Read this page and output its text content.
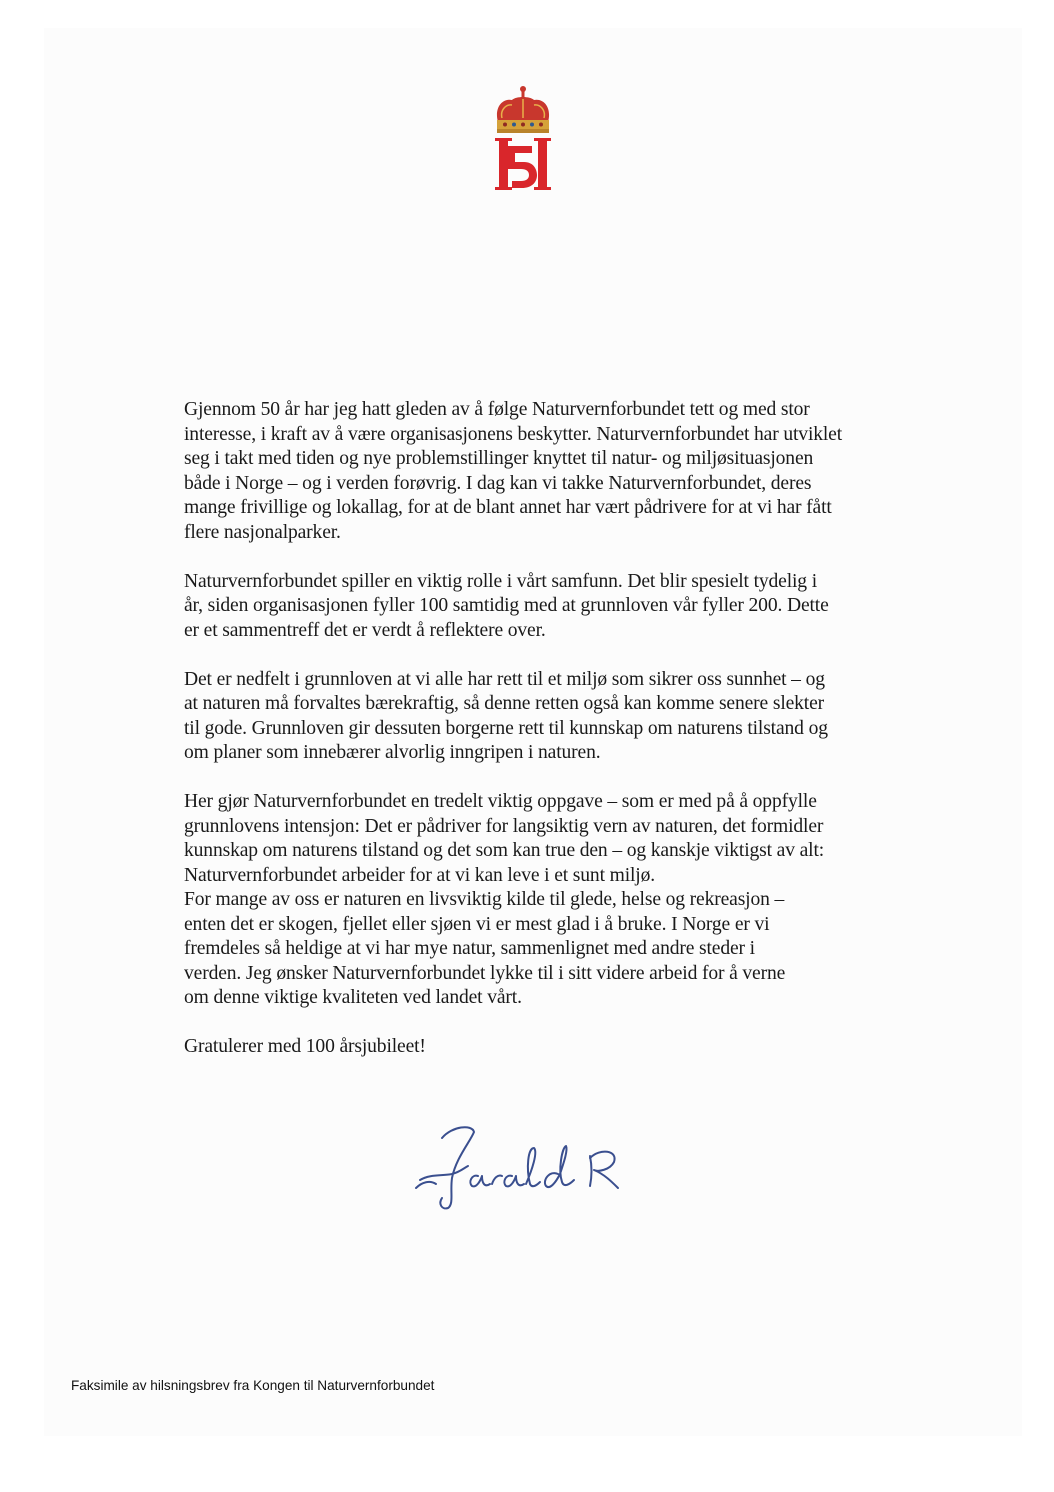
Gjennom 50 år har jeg hatt gleden av å følge Naturvernforbundet tett og med stor
interesse, i kraft av å være organisasjonens beskytter. Naturvernforbundet har utviklet
seg i takt med tiden og nye problemstillinger knyttet til natur- og miljøsituasjonen
både i Norge – og i verden forøvrig. I dag kan vi takke Naturvernforbundet, deres
mange frivillige og lokallag, for at de blant annet har vært pådrivere for at vi har fått
flere nasjonalparker.

Naturvernforbundet spiller en viktig rolle i vårt samfunn. Det blir spesielt tydelig i
år, siden organisasjonen fyller 100 samtidig med at grunnloven vår fyller 200. Dette
er et sammentreff det er verdt å reflektere over.

Det er nedfelt i grunnloven at vi alle har rett til et miljø som sikrer oss sunnhet – og
at naturen må forvaltes bærekraftig, så denne retten også kan komme senere slekter
til gode. Grunnloven gir dessuten borgerne rett til kunnskap om naturens tilstand og
om planer som innebærer alvorlig inngripen i naturen.

Her gjør Naturvernforbundet en tredelt viktig oppgave – som er med på å oppfylle
grunnlovens intensjon: Det er pådriver for langsiktig vern av naturen, det formidler
kunnskap om naturens tilstand og det som kan true den – og kanskje viktigst av alt:
Naturvernforbundet arbeider for at vi kan leve i et sunt miljø.

For mange av oss er naturen en livsviktig kilde til glede, helse og rekreasjon –
enten det er skogen, fjellet eller sjøen vi er mest glad i å bruke. I Norge er vi
fremdeles så heldige at vi har mye natur, sammenlignet med andre steder i
verden. Jeg ønsker Naturvernforbundet lykke til i sitt videre arbeid for å verne
om denne viktige kvaliteten ved landet vårt.

Gratulerer med 100 årsjubileet!

Faksimile av hilsningsbrev fra Kongen til Naturvernforbundet
